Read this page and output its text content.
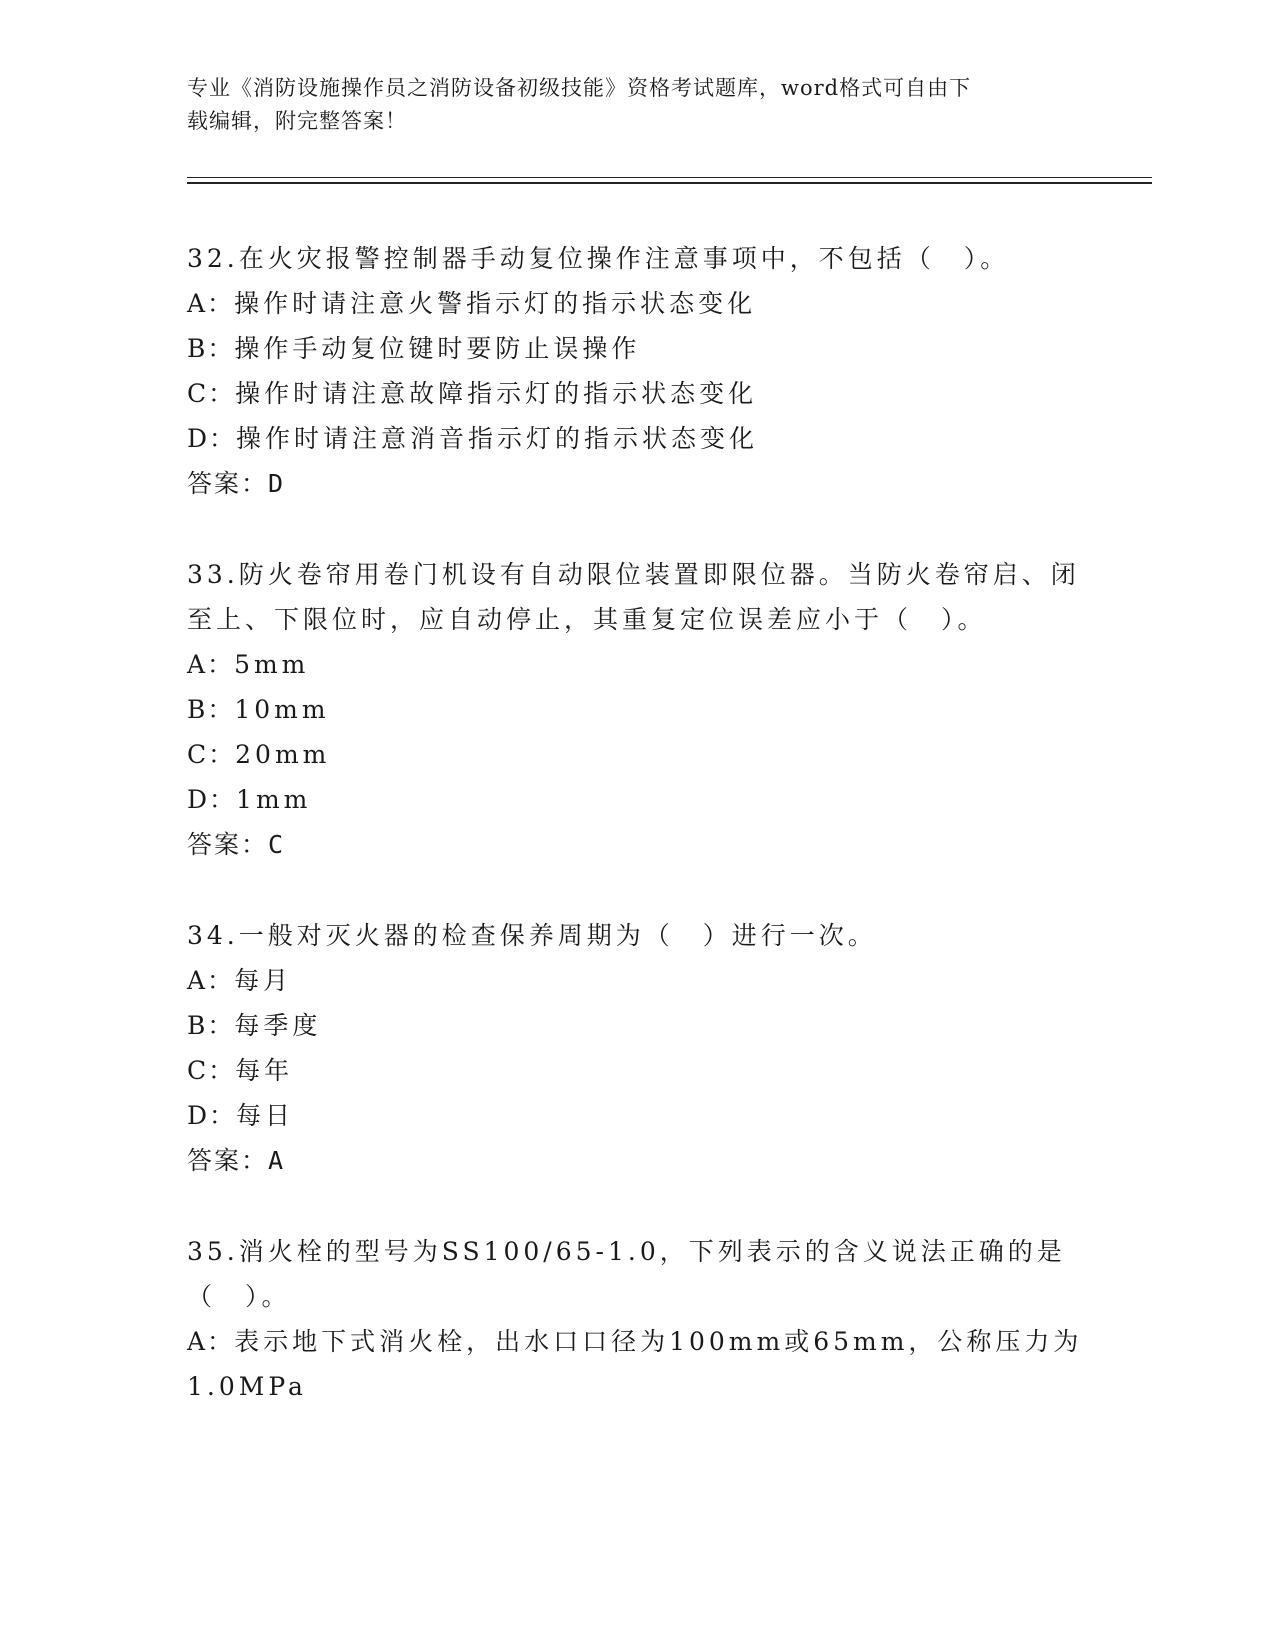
专业《消防设施操作员之消防设备初级技能》资格考试题库，word格式可自由下
载编辑，附完整答案！

32.在火灾报警控制器手动复位操作注意事项中，不包括（　）。

A：操作时请注意火警指示灯的指示状态变化

B：操作手动复位键时要防止误操作

C：操作时请注意故障指示灯的指示状态变化

D：操作时请注意消音指示灯的指示状态变化

答案：D

33.防火卷帘用卷门机设有自动限位装置即限位器。当防火卷帘启、闭至上、下限位时，应自动停止，其重复定位误差应小于（　）。

A：5mm

B：10mm

C：20mm

D：1mm

答案：C

34.一般对灭火器的检查保养周期为（　）进行一次。

A：每月

B：每季度

C：每年

D：每日

答案：A

35.消火栓的型号为SS100/65-1.0，下列表示的含义说法正确的是（　）。

A：表示地下式消火栓，出水口口径为100mm或65mm，公称压力为1.0MPa
